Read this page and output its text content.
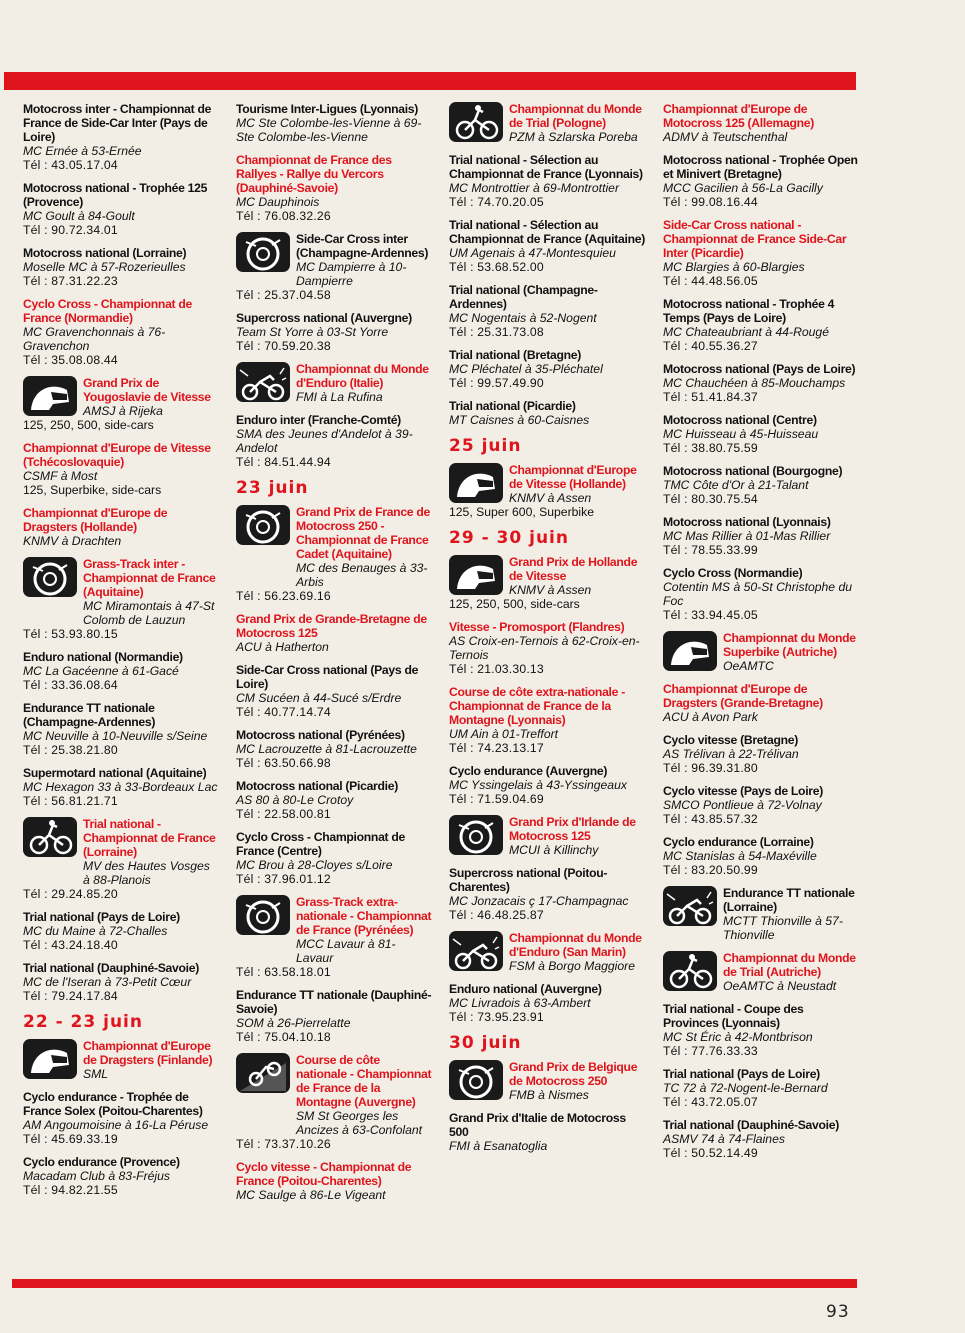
Motocross inter - Championnat de France de Side-Car Inter (Pays de Loire)
MC Ernée à 53-Ernée
Tél : 43.05.17.04
Motocross national - Trophée 125 (Provence)
MC Goult à 84-Goult
Tél : 90.72.34.01
Motocross national (Lorraine)
Moselle MC à 57-Rozerieulles
Tél : 87.31.22.23
Cyclo Cross - Championnat de France (Normandie)
MC Gravenchonnais à 76-Gravenchon
Tél : 35.08.08.44
Grand Prix de Yougoslavie de Vitesse
AMSJ à Rijeka
125, 250, 500, side-cars
Championnat d'Europe de Vitesse (Tchécoslovaquie)
CSMF à Most
125, Superbike, side-cars
Championnat d'Europe de Dragsters (Hollande)
KNMV à Drachten
Grass-Track inter - Championnat de France (Aquitaine)
MC Miramontais à 47-St Colomb de Lauzun
Tél : 53.93.80.15
Enduro national (Normandie)
MC La Gacéenne à 61-Gacé
Tél : 33.36.08.64
Endurance TT nationale (Champagne-Ardennes)
MC Neuville à 10-Neuville s/Seine
Tél : 25.38.21.80
Supermotard national (Aquitaine)
MC Hexagon 33 à 33-Bordeaux Lac
Tél : 56.81.21.71
Trial national - Championnat de France (Lorraine)
MV des Hautes Vosges à 88-Planois
Tél : 29.24.85.20
Trial national (Pays de Loire)
MC du Maine à 72-Challes
Tél : 43.24.18.40
Trial national (Dauphiné-Savoie)
MC de l'Iseran à 73-Petit Cœur
Tél : 79.24.17.84
22 - 23 juin
Championnat d'Europe de Dragsters (Finlande)
SML
Cyclo endurance - Trophée de France Solex (Poitou-Charentes)
AM Angoumoisine à 16-La Péruse
Tél : 45.69.33.19
Cyclo endurance (Provence)
Macadam Club à 83-Fréjus
Tél : 94.82.21.55
Tourisme Inter-Ligues (Lyonnais)
MC Ste Colombe-les-Vienne à 69-Ste Colombe-les-Vienne
Championnat de France des Rallyes - Rallye du Vercors (Dauphiné-Savoie)
MC Dauphinois
Tél : 76.08.32.26
Side-Car Cross inter (Champagne-Ardennes)
MC Dampierre à 10-Dampierre
Tél : 25.37.04.58
Supercross national (Auvergne)
Team St Yorre à 03-St Yorre
Tél : 70.59.20.38
Championnat du Monde d'Enduro (Italie)
FMI à La Rufina
Enduro inter (Franche-Comté)
SMA des Jeunes d'Andelot à 39-Andelot
Tél : 84.51.44.94
23 juin
Grand Prix de France de Motocross 250 - Championnat de France Cadet (Aquitaine)
MC des Benauges à 33-Arbis
Tél : 56.23.69.16
Grand Prix de Grande-Bretagne de Motocross 125
ACU à Hatherton
Side-Car Cross national (Pays de Loire)
CM Sucéen à 44-Sucé s/Erdre
Tél : 40.77.14.74
Motocross national (Pyrénées)
MC Lacrouzette à 81-Lacrouzette
Tél : 63.50.66.98
Motocross national (Picardie)
AS 80 à 80-Le Crotoy
Tél : 22.58.00.81
Cyclo Cross - Championnat de France (Centre)
MC Brou à 28-Cloyes s/Loire
Tél : 37.96.01.12
Grass-Track extra-nationale - Championnat de France (Pyrénées)
MCC Lavaur à 81-Lavaur
Tél : 63.58.18.01
Endurance TT nationale (Dauphiné-Savoie)
SOM à 26-Pierrelatte
Tél : 75.04.10.18
Course de côte nationale - Championnat de France de la Montagne (Auvergne)
SM St Georges les Ancizes à 63-Confolant
Tél : 73.37.10.26
Cyclo vitesse - Championnat de France (Poitou-Charentes)
MC Saulge à 86-Le Vigeant
Championnat du Monde de Trial (Pologne)
PZM à Szlarska Poreba
Trial national - Sélection au Championnat de France (Lyonnais)
MC Montrottier à 69-Montrottier
Tél : 74.70.20.05
Trial national - Sélection au Championnat de France (Aquitaine)
UM Agenais à 47-Montesquieu
Tél : 53.68.52.00
Trial national (Champagne-Ardennes)
MC Nogentais à 52-Nogent
Tél : 25.31.73.08
Trial national (Bretagne)
MC Pléchatel à 35-Pléchatel
Tél : 99.57.49.90
Trial national (Picardie)
MT Caisnes à 60-Caisnes
25 juin
Championnat d'Europe de Vitesse (Hollande)
KNMV à Assen
125, Super 600, Superbike
29 - 30 juin
Grand Prix de Hollande de Vitesse
KNMV à Assen
125, 250, 500, side-cars
Vitesse - Promosport (Flandres)
AS Croix-en-Ternois à 62-Croix-en-Ternois
Tél : 21.03.30.13
Course de côte extra-nationale - Championnat de France de la Montagne (Lyonnais)
UM Ain à 01-Treffort
Tél : 74.23.13.17
Cyclo endurance (Auvergne)
MC Yssingelais à 43-Yssingeaux
Tél : 71.59.04.69
Grand Prix d'Irlande de Motocross 125
MCUI à Killinchy
Supercross national (Poitou-Charentes)
MC Jonzacais ç 17-Champagnac
Tél : 46.48.25.87
Championnat du Monde d'Enduro (San Marin)
FSM à Borgo Maggiore
Enduro national (Auvergne)
MC Livradois à 63-Ambert
Tél : 73.95.23.91
30 juin
Grand Prix de Belgique de Motocross 250
FMB à Nismes
Grand Prix d'Italie de Motocross 500
FMI à Esanatoglia
Championnat d'Europe de Motocross 125 (Allemagne)
ADMV à Teutschenthal
Motocross national - Trophée Open et Minivert (Bretagne)
MCC Gacilien à 56-La Gacilly
Tél : 99.08.16.44
Side-Car Cross national - Championnat de France Side-Car Inter (Picardie)
MC Blargies à 60-Blargies
Tél : 44.48.56.05
Motocross national - Trophée 4 Temps (Pays de Loire)
MC Chateaubriant à 44-Rougé
Tél : 40.55.36.27
Motocross national (Pays de Loire)
MC Chauchéen à 85-Mouchamps
Tél : 51.41.84.37
Motocross national (Centre)
MC Huisseau à 45-Huisseau
Tél : 38.80.75.59
Motocross national (Bourgogne)
TMC Côte d'Or à 21-Talant
Tél : 80.30.75.54
Motocross national (Lyonnais)
MC Mas Rillier à 01-Mas Rillier
Tél : 78.55.33.99
Cyclo Cross (Normandie)
Cotentin MS à 50-St Christophe du Foc
Tél : 33.94.45.05
Championnat du Monde Superbike (Autriche)
OeAMTC
Championnat d'Europe de Dragsters (Grande-Bretagne)
ACU à Avon Park
Cyclo vitesse (Bretagne)
AS Trélivan à 22-Trélivan
Tél : 96.39.31.80
Cyclo vitesse (Pays de Loire)
SMCO Pontlieue à 72-Volnay
Tél : 43.85.57.32
Cyclo endurance (Lorraine)
MC Stanislas à 54-Maxéville
Tél : 83.20.50.99
Endurance TT nationale (Lorraine)
MCTT Thionville à 57-Thionville
Championnat du Monde de Trial (Autriche)
OeAMTC à Neustadt
Trial national - Coupe des Provinces (Lyonnais)
MC St Éric à 42-Montbrison
Tél : 77.76.33.33
Trial national (Pays de Loire)
TC 72 à 72-Nogent-le-Bernard
Tél : 43.72.05.07
Trial national (Dauphiné-Savoie)
ASMV 74 à 74-Flaines
Tél : 50.52.14.49
93
